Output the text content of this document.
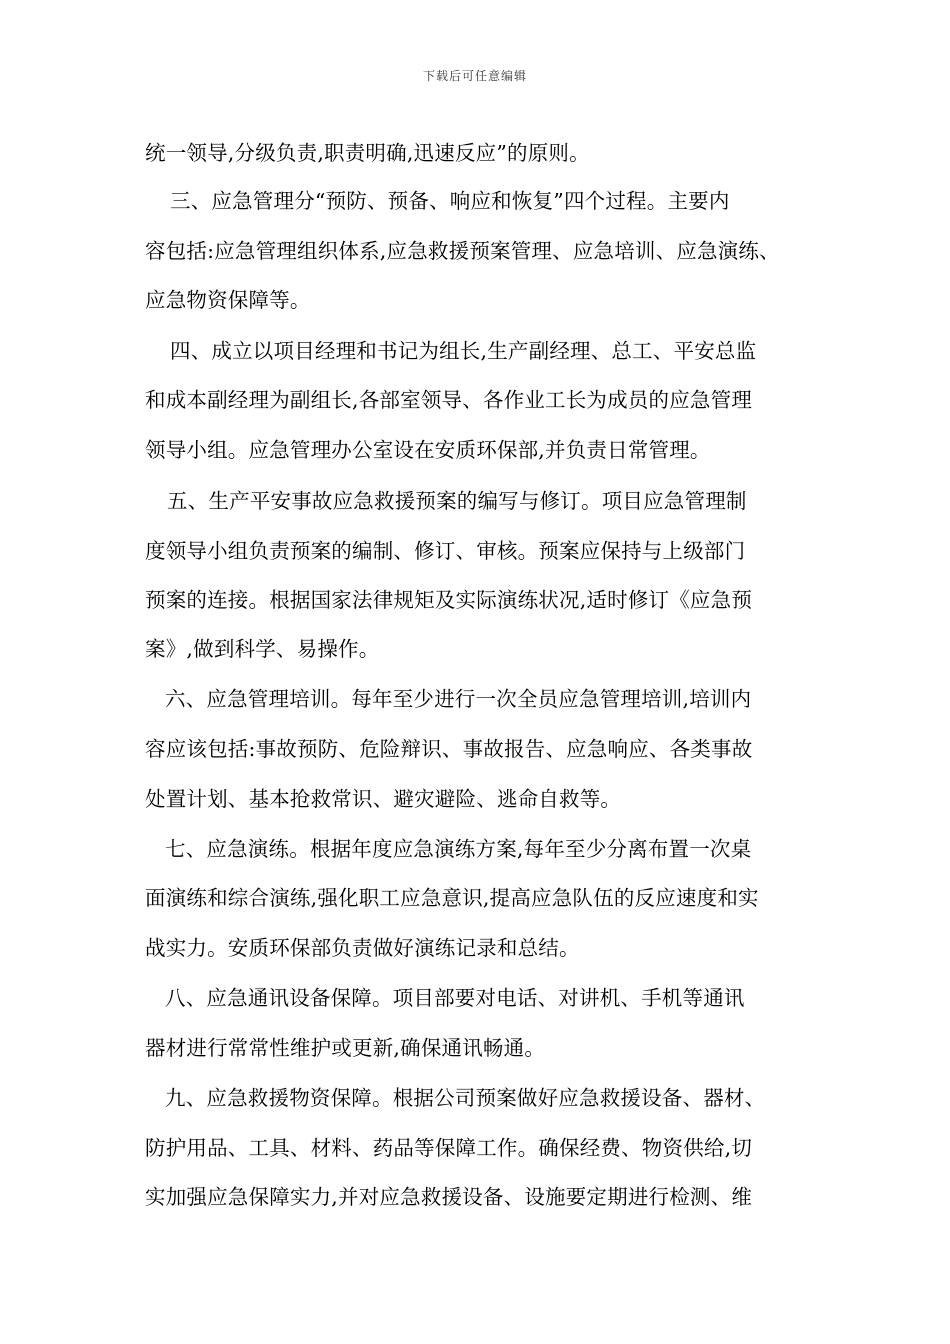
下载后可任意编辑
统一领导,分级负责,职责明确,迅速反应”的原则。
三、应急管理分“预防、预备、响应和恢复”四个过程。主要内
容包括:应急管理组织体系,应急救援预案管理、应急培训、应急演练、
应急物资保障等。
四、成立以项目经理和书记为组长,生产副经理、总工、平安总监
和成本副经理为副组长,各部室领导、各作业工长为成员的应急管理
领导小组。应急管理办公室设在安质环保部,并负责日常管理。
五、生产平安事故应急救援预案的编写与修订。项目应急管理制
度领导小组负责预案的编制、修订、审核。预案应保持与上级部门
预案的连接。根据国家法律规矩及实际演练状况,适时修订《应急预
案》,做到科学、易操作。
六、应急管理培训。每年至少进行一次全员应急管理培训,培训内
容应该包括:事故预防、危险辩识、事故报告、应急响应、各类事故
处置计划、基本抢救常识、避灾避险、逃命自救等。
七、应急演练。根据年度应急演练方案,每年至少分离布置一次桌
面演练和综合演练,强化职工应急意识,提高应急队伍的反应速度和实
战实力。安质环保部负责做好演练记录和总结。
八、应急通讯设备保障。项目部要对电话、对讲机、手机等通讯
器材进行常常性维护或更新,确保通讯畅通。
九、应急救援物资保障。根据公司预案做好应急救援设备、器材、
防护用品、工具、材料、药品等保障工作。确保经费、物资供给,切
实加强应急保障实力,并对应急救援设备、设施要定期进行检测、维
